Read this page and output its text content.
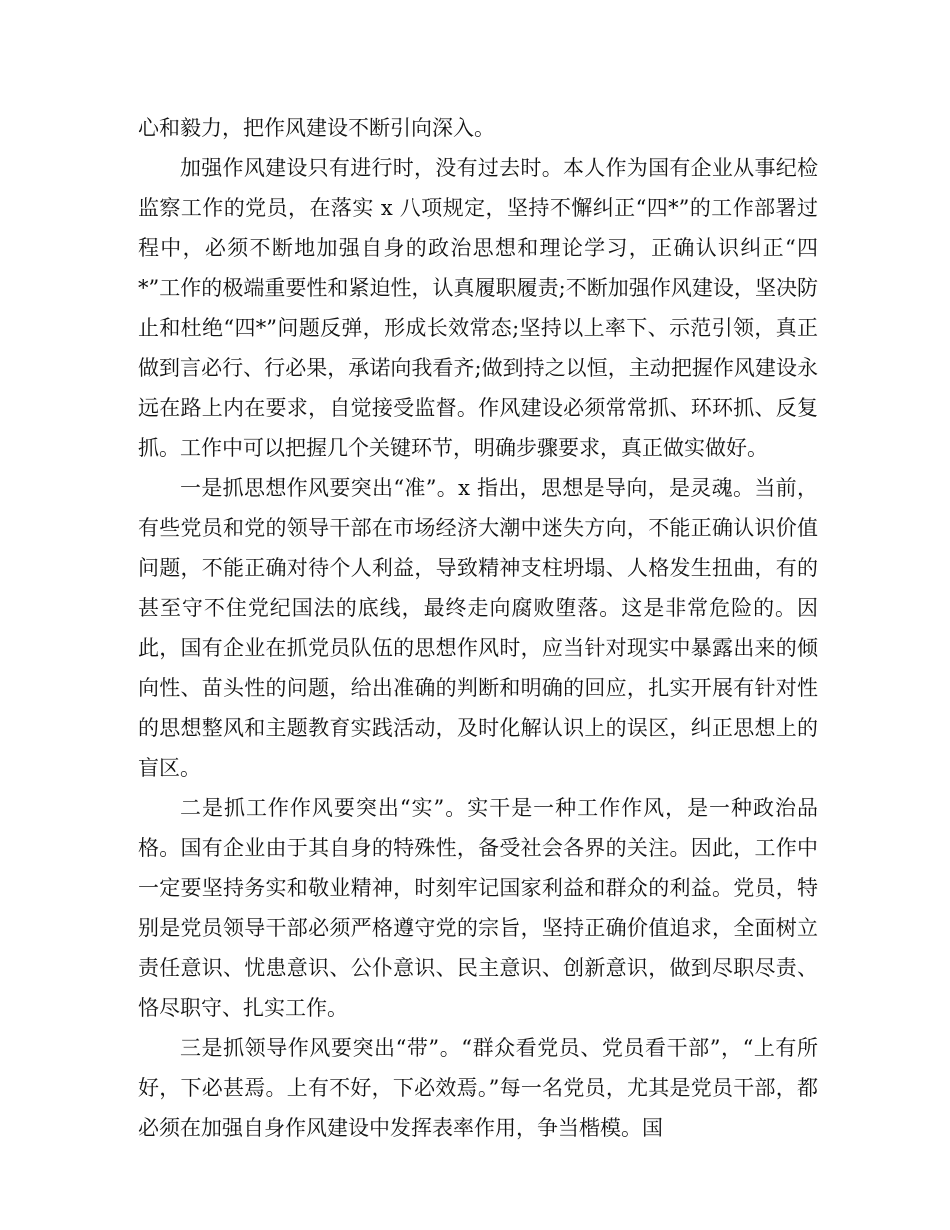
心和毅力，把作风建设不断引向深入。

加强作风建设只有进行时，没有过去时。本人作为国有企业从事纪检监察工作的党员，在落实 x 八项规定，坚持不懈纠正“四*”的工作部署过程中，必须不断地加强自身的政治思想和理论学习，正确认识纠正“四*”工作的极端重要性和紧迫性，认真履职履责;不断加强作风建设，坚决防止和杜绝“四*”问题反弹，形成长效常态;坚持以上率下、示范引领，真正做到言必行、行必果，承诺向我看齐;做到持之以恒，主动把握作风建设永远在路上内在要求，自觉接受监督。作风建设必须常常抓、环环抓、反复抓。工作中可以把握几个关键环节，明确步骤要求，真正做实做好。

一是抓思想作风要突出“准”。x 指出，思想是导向，是灵魂。当前，有些党员和党的领导干部在市场经济大潮中迷失方向，不能正确认识价值问题，不能正确对待个人利益，导致精神支柱坍塌、人格发生扭曲，有的甚至守不住党纪国法的底线，最终走向腐败堕落。这是非常危险的。因此，国有企业在抓党员队伍的思想作风时，应当针对现实中暴露出来的倾向性、苗头性的问题，给出准确的判断和明确的回应，扎实开展有针对性的思想整风和主题教育实践活动，及时化解认识上的误区，纠正思想上的盲区。

二是抓工作作风要突出“实”。实干是一种工作作风，是一种政治品格。国有企业由于其自身的特殊性，备受社会各界的关注。因此，工作中一定要坚持务实和敬业精神，时刻牢记国家利益和群众的利益。党员，特别是党员领导干部必须严格遵守党的宗旨，坚持正确价值追求，全面树立责任意识、忧患意识、公仆意识、民主意识、创新意识，做到尽职尽责、恪尽职守、扎实工作。

三是抓领导作风要突出“带”。“群众看党员、党员看干部”，“上有所好，下必甚焉。上有不好，下必效焉。”每一名党员，尤其是党员干部，都必须在加强自身作风建设中发挥表率作用，争当楷模。国
